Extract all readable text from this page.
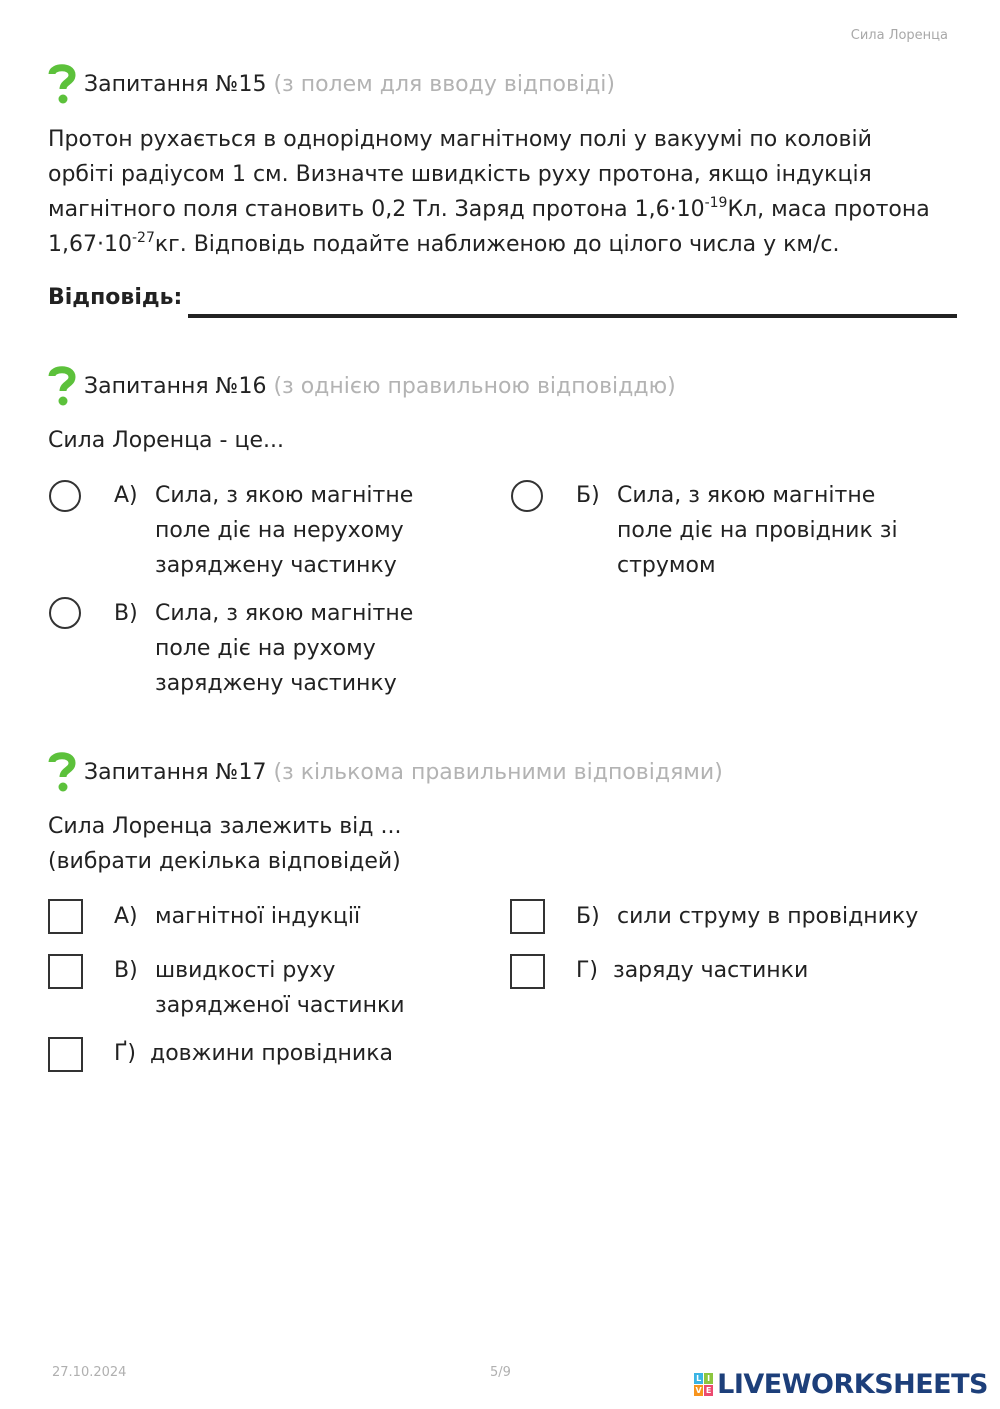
Сила Лоренца
Запитання №15 (з полем для вводу відповіді)
Протон рухається в однорідному магнітному полі у вакуумі по коловій
орбіті радіусом 1 см. Визначте швидкість руху протона, якщо індукція
магнітного поля становить 0,2 Тл. Заряд протона $1,6\cdot 10^{-19}Кл$, маса протона
$1,67\cdot 10^{-27}кг$. Відповідь подайте наближеною до цілого числа у км/с.
Відповідь:
Запитання №16 (з однією правильною відповіддю)
Сила Лоренца - це...
А) Сила, з якою магнітне
поле діє на нерухому
заряджену частинку
Б) Сила, з якою магнітне
поле діє на провідник зі
струмом
В) Сила, з якою магнітне
поле діє на рухому
заряджену частинку
Запитання №17 (з кількома правильними відповідями)
Сила Лоренца залежить від ...
(вибрати декілька відповідей)
А) магнітної індукції	Б) сили струму в провіднику
В) швидкості руху
зарядженої частинки
Г) заряду частинки
Ґ) довжини провідника
27.10.2024	5/9	L I
V E LIVEWORKSHEETS
